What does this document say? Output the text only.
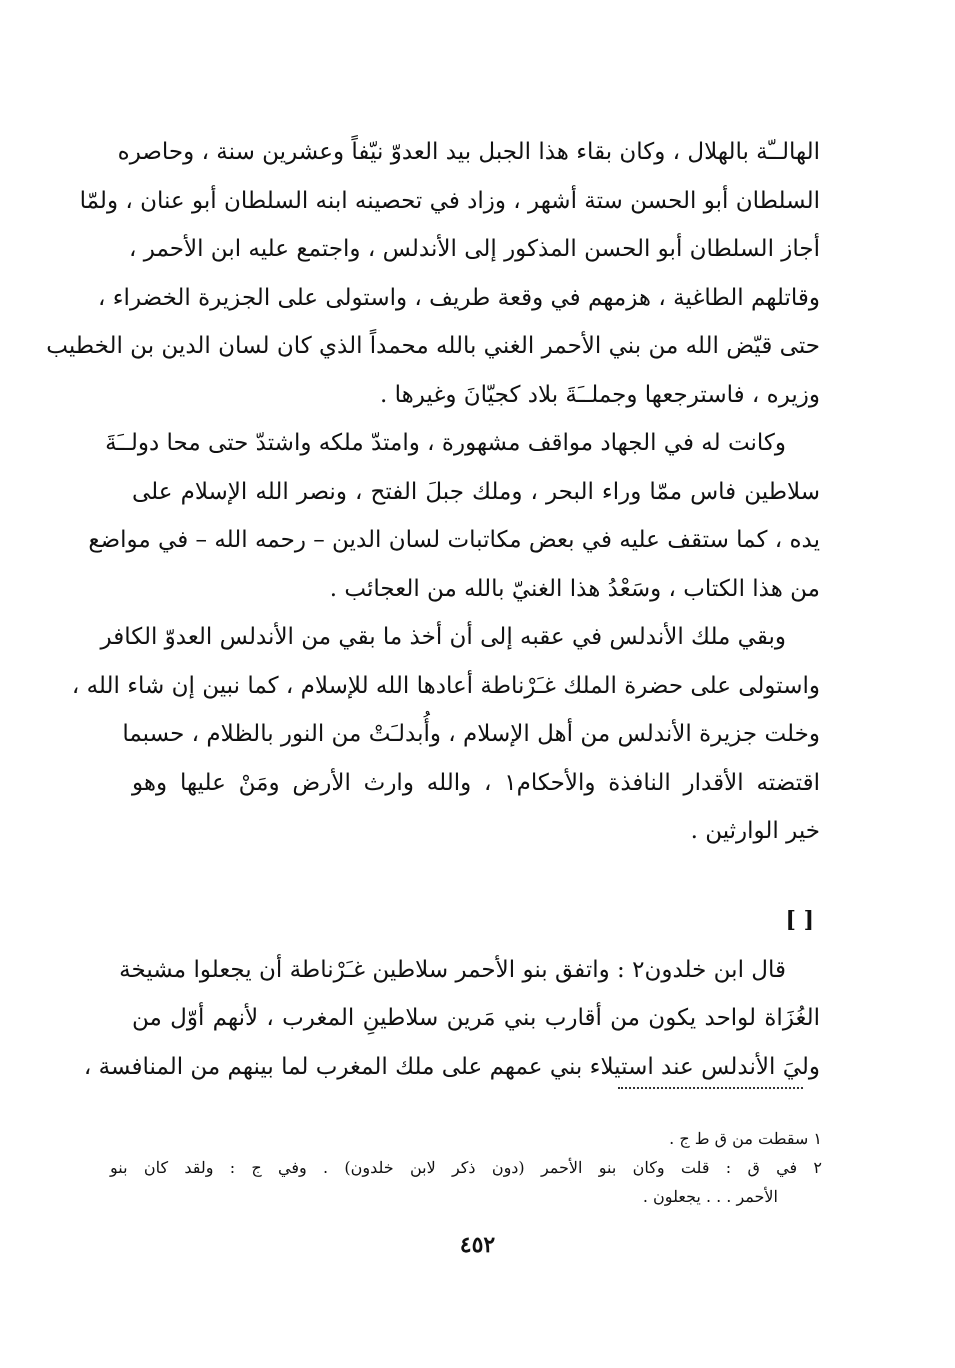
الهالــّة بالهلال ، وكان بقاء هذا الجبل بيد العدوّ نيّفاً وعشرين سنة ، وحاصره
السلطان أبو الحسن ستة أشهر ، وزاد في تحصينه ابنه السلطان أبو عنان ، ولمّا
أجاز السلطان أبو الحسن المذكور إلى الأندلس ، واجتمع عليه ابن الأحمر ،
وقاتلهم الطاغية ، هزمهم في وقعة طريف ، واستولى على الجزيرة الخضراء ،
حتى قيّض الله من بني الأحمر الغني بالله محمداً الذي كان لسان الدين بن الخطيب
وزيره ، فاسترجعها وجملــَةَ بلاد كجيّانَ وغيرها .
وكانت له في الجهاد مواقف مشهورة ، وامتدّ ملكه واشتدّ حتى محا دولــَةَ
سلاطين فاس ممّا وراء البحر ، وملك جبلَ الفتح ، ونصر الله الإسلام على
يده ، كما ستقف عليه في بعض مكاتبات لسان الدين – رحمه الله – في مواضع
من هذا الكتاب ، وسَعْدُ هذا الغنيّ بالله من العجائب .
وبقي ملك الأندلس في عقبه إلى أن أخذ ما بقي من الأندلس العدوّ الكافر
واستولى على حضرة الملك غـَرْناطة أعادها الله للإسلام ، كما نبين إن شاء الله ،
وخلت جزيرة الأندلس من أهل الإسلام ، وأُبدلـَتْ من النور بالظلام ، حسبما
اقتضته الأقدار النافذة والأحكام١ ، والله وارث الأرض ومَنْ عليها وهو
خير الوارثين .
[ ]
قال ابن خلدون٢ : واتفق بنو الأحمر سلاطين غـَرْناطة أن يجعلوا مشيخة
الغُزَاة لواحد يكون من أقارب بني مَرين سلاطينِ المغرب ، لأنهم أوّل من
وليَ الأندلس عند استيلاء بني عمهم على ملك المغرب لما بينهم من المنافسة ،
١ سقطت من ق ط ج .
٢ في ق : قلت وكان بنو الأحمر (دون ذكر لابن خلدون) . وفي ج : ولقد كان بنو
الأحمر . . . يجعلون .
٤٥٢
